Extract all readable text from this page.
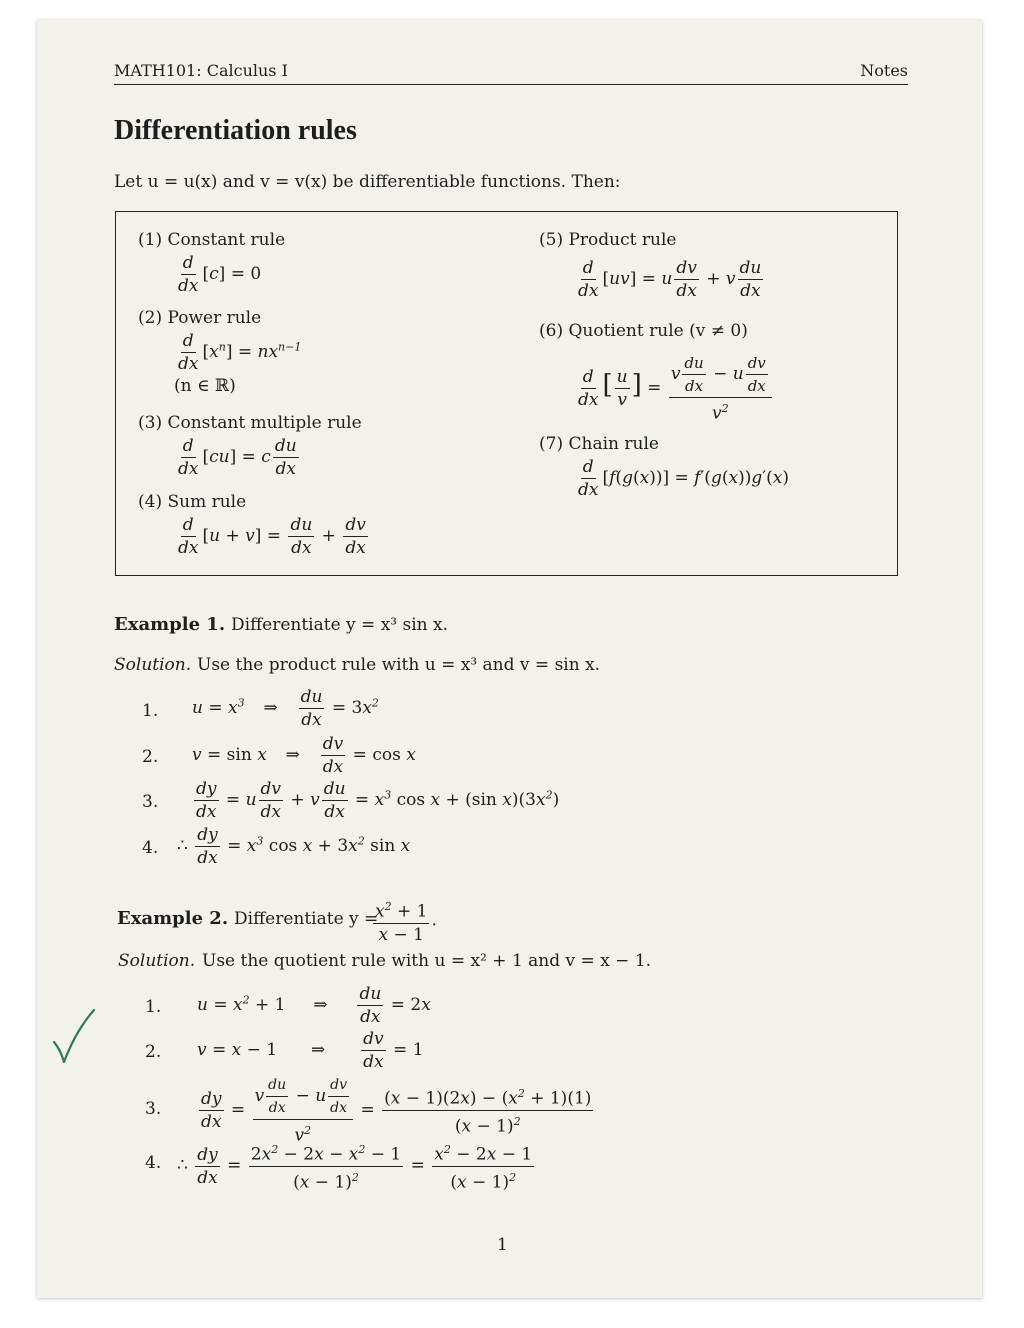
MATH101: Calculus I	Notes
Differentiation rules
Let u = u(x) and v = v(x) be differentiable functions. Then:
(1) Constant rule
$\frac{d}{dx} [c] = 0$
(2) Power rule
$\frac{d}{dx} [x^n] = nx^{n-1}$
(n ∈ ℝ)
(3) Constant multiple rule
$\frac{d}{dx} [cu] = c \frac{du}{dx}$
(4) Sum rule
$\frac{d}{dx} [u + v] = \frac{du}{dx} + \frac{dv}{dx}$
(5) Product rule
$\frac{d}{dx} [uv] = u \frac{dv}{dx} + v \frac{du}{dx}$
(6) Quotient rule (v ≠ 0)
$\frac{d}{dx}$ [ $\frac{u}{v}$ ] = $\frac{v \frac{du}{dx} - u \frac{dv}{dx}}{v^2}$
(7) Chain rule
$\frac{d}{dx} [f(g(x))] = f'(g(x))g'(x)$
Example 1. Differentiate y = x³ sin x.
Solution. Use the product rule with u = x³ and v = sin x.
1. $u = x^3$ ⇒ $\frac{du}{dx} = 3x^2$
2. v = sin x ⇒ $\frac{dv}{dx} = \cos x$
3. $\frac{dy}{dx} = u \frac{dv}{dx} + v \frac{du}{dx} = x^3$ cos x + (sin $x)(3x^2)$
4. ∴ $\frac{dy}{dx} = x^3$ $\cos x + 3x^2$ sin x
Example 2. Differentiate y =
$\frac{x^2 + 1}{x - 1}$ .
Solution. Use the quotient rule with u = x² + 1 and v = x − 1.
1. $u = x^2 + 1$ ⇒ $\frac{du}{dx} = 2x$
2. v = x − 1 ⇒ $\frac{dv}{dx} = 1$
3. $\frac{dy}{dx} = \frac{v \frac{du}{dx} - u \frac{dv}{dx}}{v^2} = \frac{(x - 1)(2x) - (x^2 + 1)(1)}{(x - 1)^2}$
4. ∴ $\frac{dy}{dx} = \frac{2x^2 - 2x - x^2 - 1}{(x - 1)^2} = \frac{x^2 - 2x - 1}{(x - 1)^2}$
1
